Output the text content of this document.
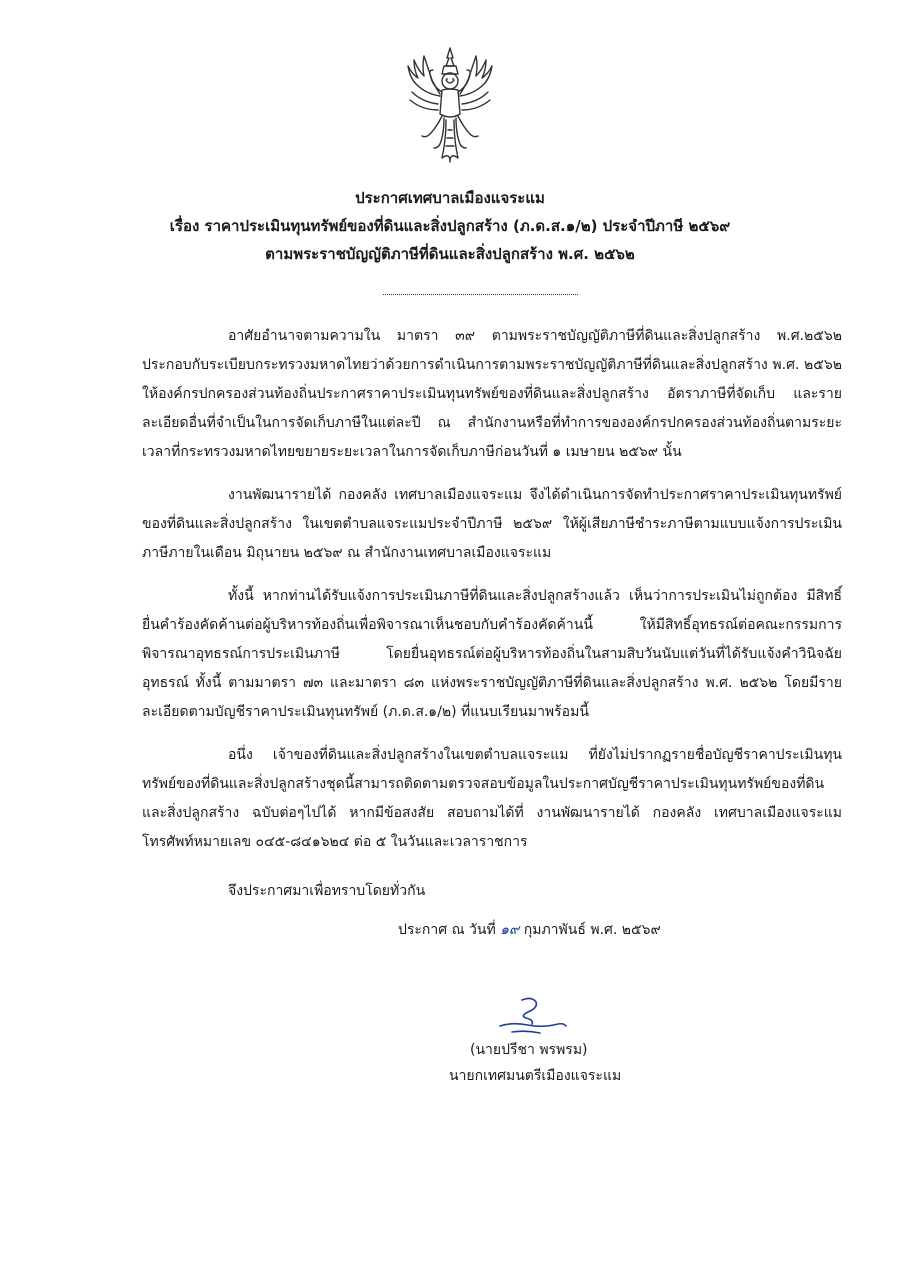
ประกาศเทศบาลเมืองแจระแม
เรื่อง ราคาประเมินทุนทรัพย์ของที่ดินและสิ่งปลูกสร้าง (ภ.ด.ส.๑/๒) ประจำปีภาษี ๒๕๖๙
ตามพระราชบัญญัติภาษีที่ดินและสิ่งปลูกสร้าง พ.ศ. ๒๕๖๒

อาศัยอำนาจตามความใน มาตรา ๓๙ ตามพระราชบัญญัติภาษีที่ดินและสิ่งปลูกสร้าง พ.ศ.๒๕๖๒ ประกอบกับระเบียบกระทรวงมหาดไทยว่าด้วยการดำเนินการตามพระราชบัญญัติภาษีที่ดินและสิ่งปลูกสร้าง พ.ศ. ๒๕๖๒ ให้องค์กรปกครองส่วนท้องถิ่นประกาศราคาประเมินทุนทรัพย์ของที่ดินและสิ่งปลูกสร้าง อัตราภาษีที่จัดเก็บ และรายละเอียดอื่นที่จำเป็นในการจัดเก็บภาษีในแต่ละปี ณ สำนักงานหรือที่ทำการขององค์กรปกครองส่วนท้องถิ่นตามระยะเวลาที่กระทรวงมหาดไทยขยายระยะเวลาในการจัดเก็บภาษีก่อนวันที่ ๑ เมษายน ๒๕๖๙ นั้น

งานพัฒนารายได้ กองคลัง เทศบาลเมืองแจระแม จึงได้ดำเนินการจัดทำประกาศราคาประเมินทุนทรัพย์ของที่ดินและสิ่งปลูกสร้าง ในเขตตำบลแจระแมประจำปีภาษี ๒๕๖๙ ให้ผู้เสียภาษีชำระภาษีตามแบบแจ้งการประเมินภาษีภายในเดือน มิถุนายน ๒๕๖๙ ณ สำนักงานเทศบาลเมืองแจระแม

ทั้งนี้ หากท่านได้รับแจ้งการประเมินภาษีที่ดินและสิ่งปลูกสร้างแล้ว เห็นว่าการประเมินไม่ถูกต้อง มีสิทธิ์ยื่นคำร้องคัดค้านต่อผู้บริหารท้องถิ่นเพื่อพิจารณาเห็นชอบกับคำร้องคัดค้านนี้ ให้มีสิทธิ์อุทธรณ์ต่อคณะกรรมการพิจารณาอุทธรณ์การประเมินภาษี โดยยื่นอุทธรณ์ต่อผู้บริหารท้องถิ่นในสามสิบวันนับแต่วันที่ได้รับแจ้งคำวินิจฉัยอุทธรณ์ ทั้งนี้ ตามมาตรา ๗๓ และมาตรา ๘๓ แห่งพระราชบัญญัติภาษีที่ดินและสิ่งปลูกสร้าง พ.ศ. ๒๕๖๒ โดยมีรายละเอียดตามบัญชีราคาประเมินทุนทรัพย์ (ภ.ด.ส.๑/๒) ที่แนบเรียนมาพร้อมนี้

อนึ่ง เจ้าของที่ดินและสิ่งปลูกสร้างในเขตตำบลแจระแม ที่ยังไม่ปรากฏรายชื่อบัญชีราคาประเมินทุนทรัพย์ของที่ดินและสิ่งปลูกสร้างชุดนี้สามารถติดตามตรวจสอบข้อมูลในประกาศบัญชีราคาประเมินทุนทรัพย์ของที่ดินและสิ่งปลูกสร้าง ฉบับต่อๆไปได้ หากมีข้อสงสัย สอบถามได้ที่ งานพัฒนารายได้ กองคลัง เทศบาลเมืองแจระแม โทรศัพท์หมายเลข ๐๔๕-๘๔๑๖๒๔ ต่อ ๕ ในวันและเวลาราชการ

จึงประกาศมาเพื่อทราบโดยทั่วกัน
ประกาศ ณ วันที่ ๑๙ กุมภาพันธ์ พ.ศ. ๒๕๖๙
(นายปรีชา พรพรม)
นายกเทศมนตรีเมืองแจระแม
